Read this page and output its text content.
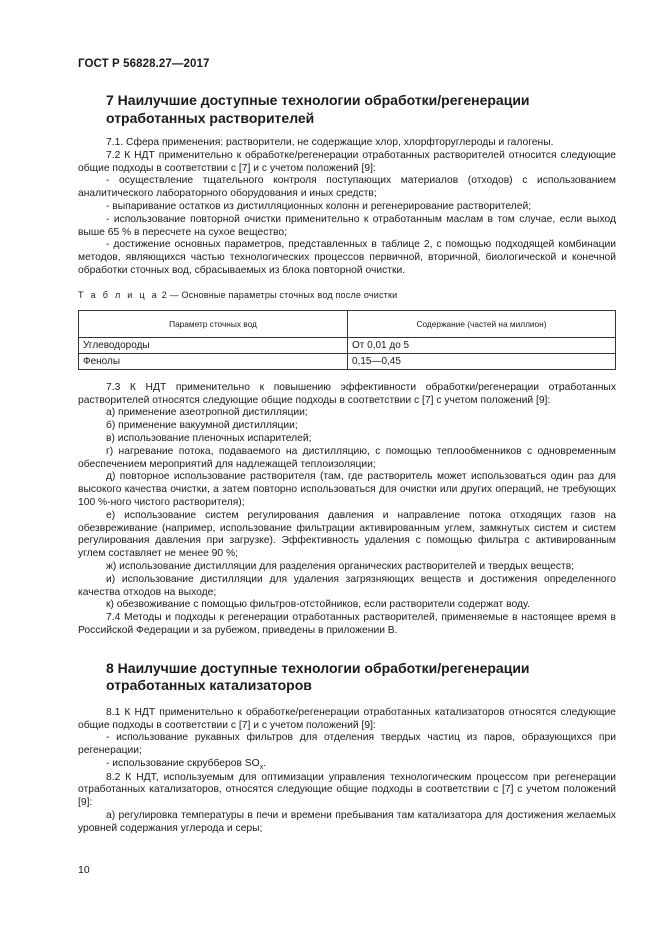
ГОСТ Р 56828.27—2017
7 Наилучшие доступные технологии обработки/регенерации отработанных растворителей

7.1. Сфера применения: растворители, не содержащие хлор, хлорфторуглероды и галогены.

7.2 К НДТ применительно к обработке/регенерации отработанных растворителей относится следующие общие подходы в соответствии с [7] и с учетом положений [9]:

- осуществление тщательного контроля поступающих материалов (отходов) с использованием аналитического лабораторного оборудования и иных средств;

- выпаривание остатков из дистилляционных колонн и регенерирование растворителей;

- использование повторной очистки применительно к отработанным маслам в том случае, если выход выше 65 % в пересчете на сухое вещество;

- достижение основных параметров, представленных в таблице 2, с помощью подходящей комбинации методов, являющихся частью технологических процессов первичной, вторичной, биологической и конечной обработки сточных вод, сбрасываемых из блока повторной очистки.

Т а б л и ц а 2 — Основные параметры сточных вод после очистки
Параметр сточных вод	Содержание (частей на миллион)
Углеводороды	От 0,01 до 5
Фенолы	0,15—0,45

7.3 К НДТ применительно к повышению эффективности обработки/регенерации отработанных растворителей относятся следующие общие подходы в соответствии с [7] с учетом положений [9]:

а) применение азеотропной дистилляции;

б) применение вакуумной дистилляции;

в) использование пленочных испарителей;

г) нагревание потока, подаваемого на дистилляцию, с помощью теплообменников с одновременным обеспечением мероприятий для надлежащей теплоизоляции;

д) повторное использование растворителя (там, где растворитель может использоваться один раз для высокого качества очистки, а затем повторно использоваться для очистки или других операций, не требующих 100 %-ного чистого растворителя);

е) использование систем регулирования давления и направление потока отходящих газов на обезвреживание (например, использование фильтрации активированным углем, замкнутых систем и систем регулирования давления при загрузке). Эффективность удаления с помощью фильтра с активированным углем составляет не менее 90 %;

ж) использование дистилляции для разделения органических растворителей и твердых веществ;

и) использование дистилляции для удаления загрязняющих веществ и достижения определенного качества отходов на выходе;

к) обезвоживание с помощью фильтров-отстойников, если растворители содержат воду.

7.4 Методы и подходы к регенерации отработанных растворителей, применяемые в настоящее время в Российской Федерации и за рубежом, приведены в приложении В.

8 Наилучшие доступные технологии обработки/регенерации отработанных катализаторов

8.1 К НДТ применительно к обработке/регенерации отработанных катализаторов относятся следующие общие подходы в соответствии с [7] и с учетом положений [9]:

- использование рукавных фильтров для отделения твердых частиц из паров, образующихся при регенерации;

- использование скрубберов $SO_x$.

8.2 К НДТ, используемым для оптимизации управления технологическим процессом при регенерации отработанных катализаторов, относятся следующие общие подходы в соответствии с [7] с учетом положений [9]:

а) регулировка температуры в печи и времени пребывания там катализатора для достижения желаемых уровней содержания углерода и серы;

10
